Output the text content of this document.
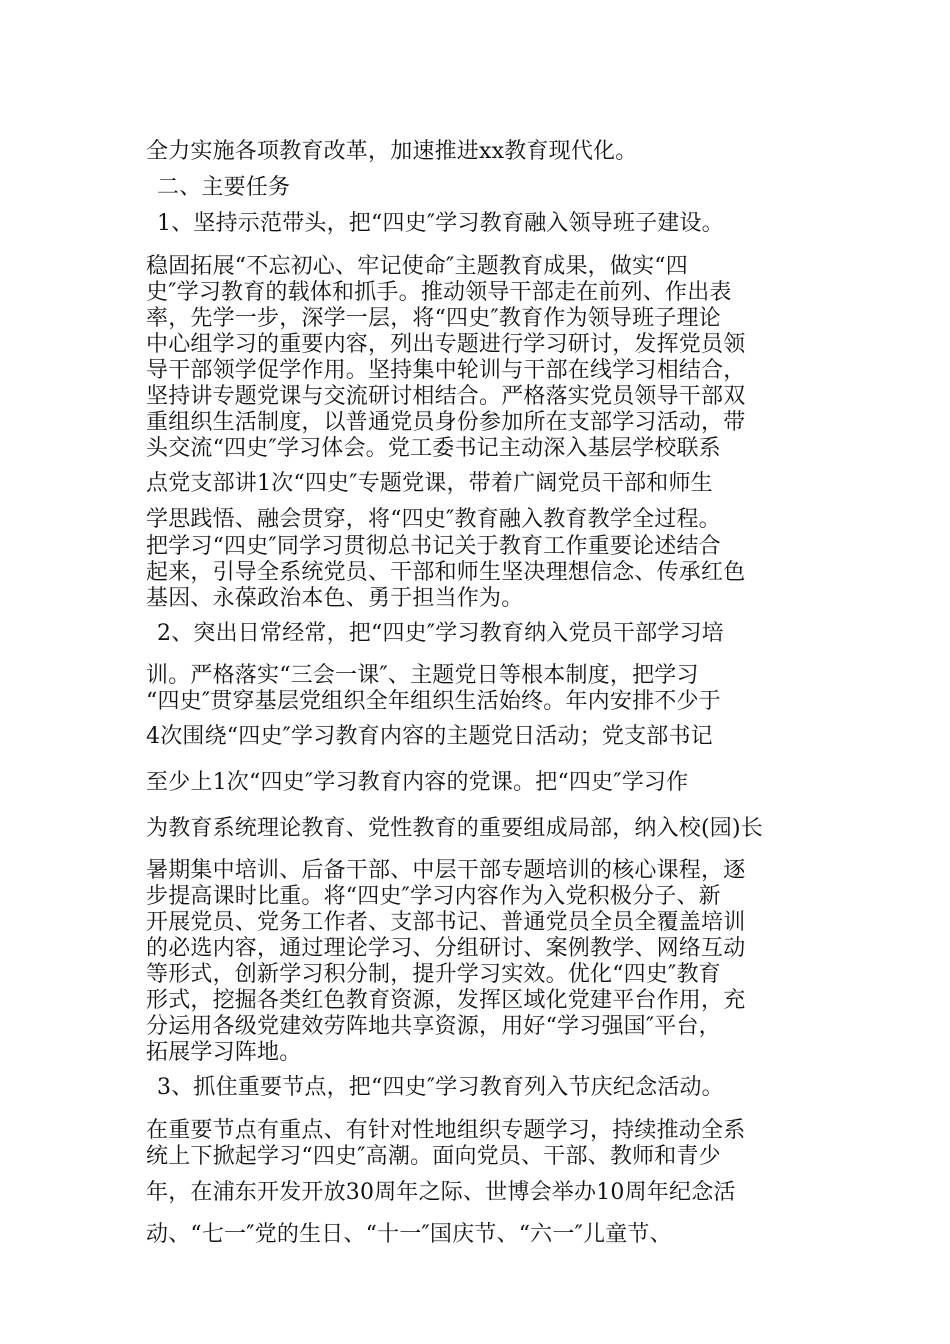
全力实施各项教育改革，加速推进xx教育现代化。
二、主要任务
1、坚持示范带头，把“四史″学习教育融入领导班子建设。
稳固拓展“不忘初心、牢记使命″主题教育成果，做实“四
史″学习教育的载体和抓手。推动领导干部走在前列、作出表
率，先学一步，深学一层，将“四史″教育作为领导班子理论
中心组学习的重要内容，列出专题进行学习研讨，发挥党员领
导干部领学促学作用。坚持集中轮训与干部在线学习相结合，
坚持讲专题党课与交流研讨相结合。严格落实党员领导干部双
重组织生活制度，以普通党员身份参加所在支部学习活动，带
头交流“四史″学习体会。党工委书记主动深入基层学校联系
点党支部讲1次“四史″专题党课，带着广阔党员干部和师生
学思践悟、融会贯穿，将“四史″教育融入教育教学全过程。
把学习“四史″同学习贯彻总书记关于教育工作重要论述结合
起来，引导全系统党员、干部和师生坚决理想信念、传承红色
基因、永葆政治本色、勇于担当作为。
2、突出日常经常，把“四史″学习教育纳入党员干部学习培
训。严格落实“三会一课″、主题党日等根本制度，把学习
“四史″贯穿基层党组织全年组织生活始终。年内安排不少于
4次围绕“四史″学习教育内容的主题党日活动；党支部书记
至少上1次“四史″学习教育内容的党课。把“四史″学习作
为教育系统理论教育、党性教育的重要组成局部，纳入校(园)长
暑期集中培训、后备干部、中层干部专题培训的核心课程，逐
步提高课时比重。将“四史″学习内容作为入党积极分子、新
开展党员、党务工作者、支部书记、普通党员全员全覆盖培训
的必选内容，通过理论学习、分组研讨、案例教学、网络互动
等形式，创新学习积分制，提升学习实效。优化“四史″教育
形式，挖掘各类红色教育资源，发挥区域化党建平台作用，充
分运用各级党建效劳阵地共享资源，用好“学习强国″平台，
拓展学习阵地。
3、抓住重要节点，把“四史″学习教育列入节庆纪念活动。
在重要节点有重点、有针对性地组织专题学习，持续推动全系
统上下掀起学习“四史″高潮。面向党员、干部、教师和青少
年，在浦东开发开放30周年之际、世博会举办10周年纪念活
动、“七一″党的生日、“十一″国庆节、“六一″儿童节、
